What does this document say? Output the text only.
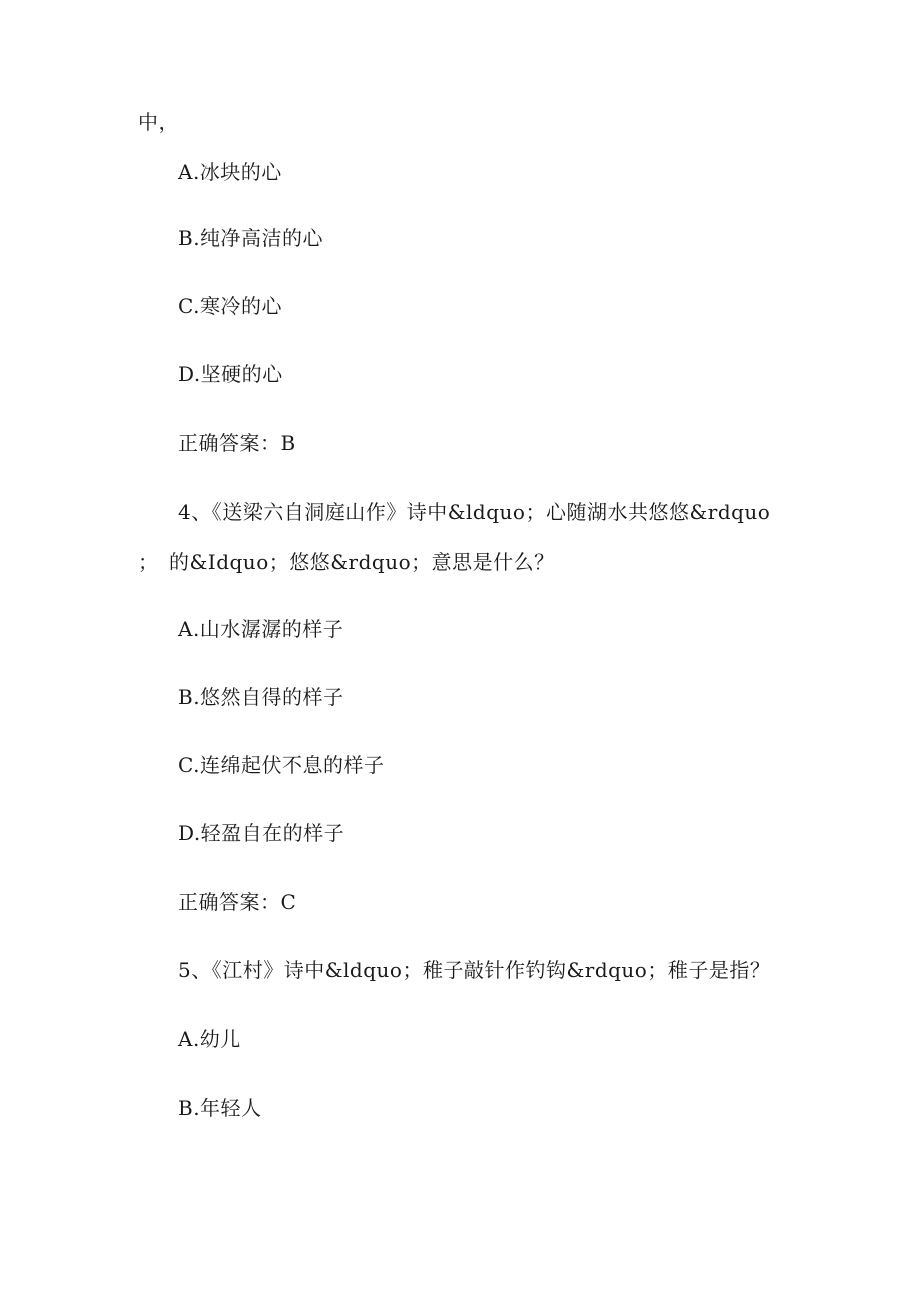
中，
A.冰块的心
B.纯净高洁的心
C.寒冷的心
D.坚硬的心
正确答案：B
4、《送梁六自洞庭山作》诗中&ldquo；心随湖水共悠悠&rdquo
；　的&Idquo；悠悠&rdquo；意思是什么？
A.山水潺潺的样子
B.悠然自得的样子
C.连绵起伏不息的样子
D.轻盈自在的样子
正确答案：C
5、《江村》诗中&ldquo；稚子敲针作钓钩&rdquo；稚子是指？
A.幼儿
B.年轻人
